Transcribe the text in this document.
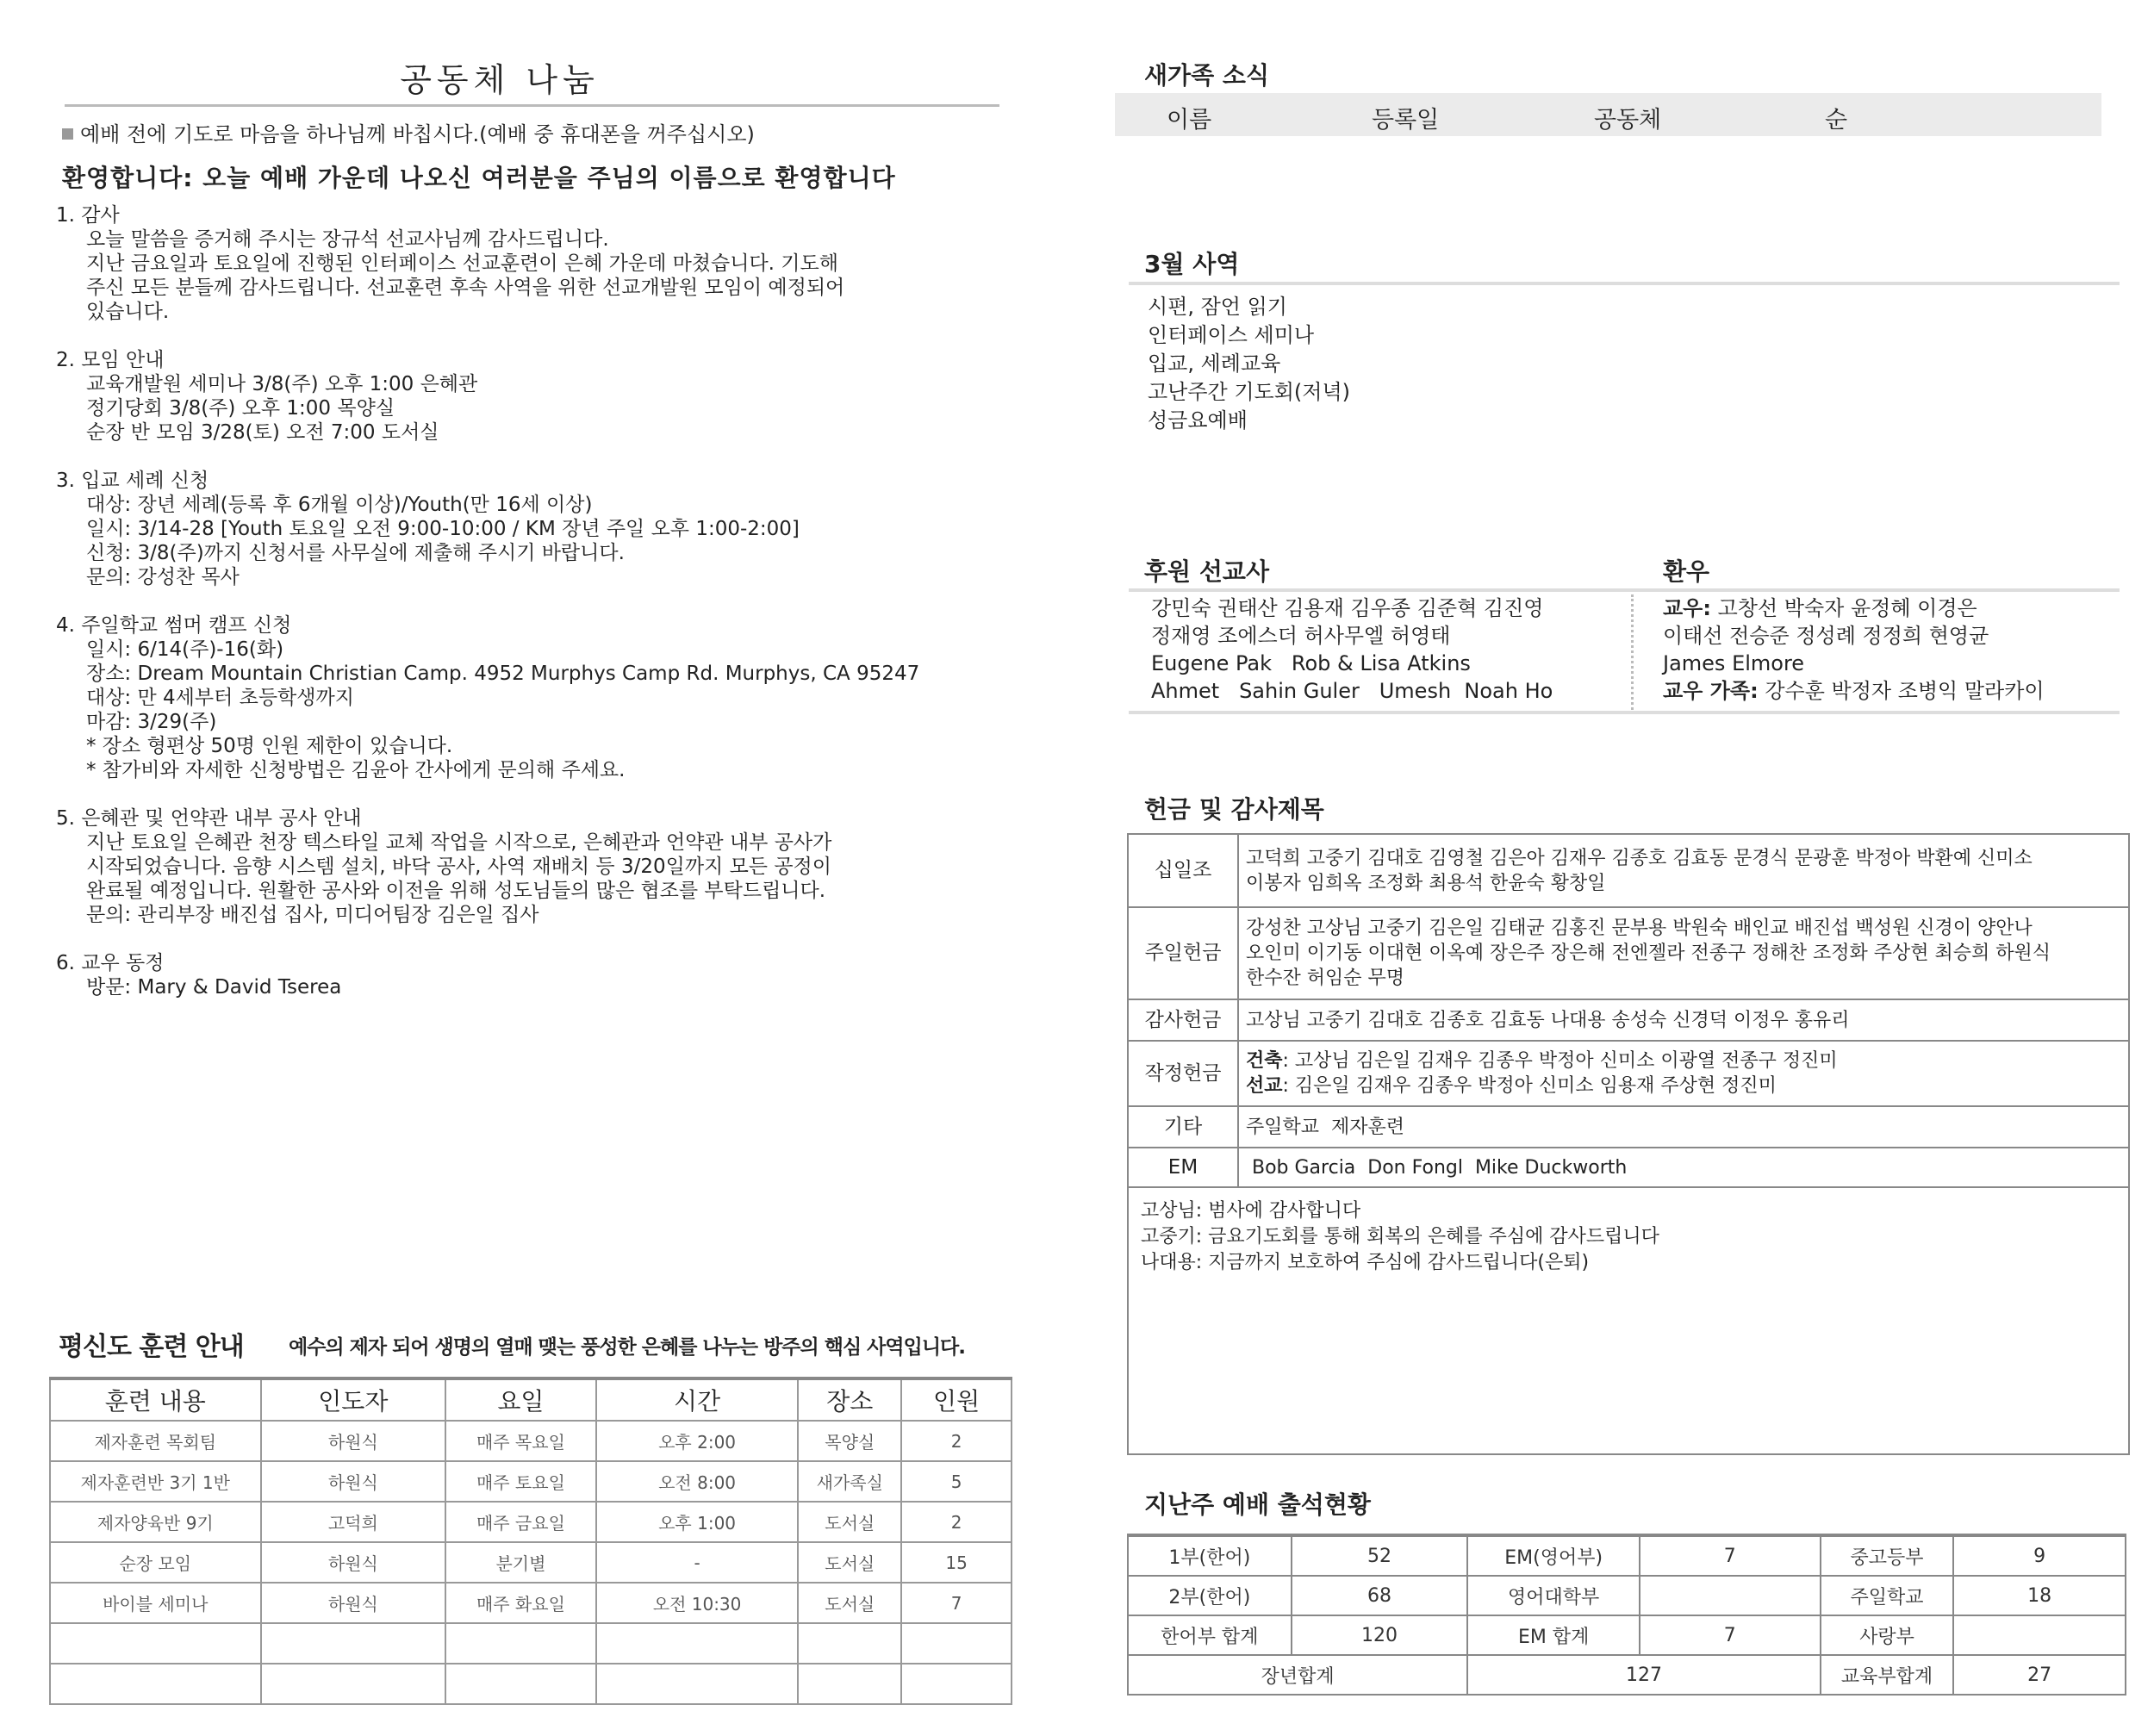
공동체 나눔
예배 전에 기도로 마음을 하나님께 바칩시다.(예배 중 휴대폰을 꺼주십시오)
환영합니다: 오늘 예배 가운데 나오신 여러분을 주님의 이름으로 환영합니다
1. 감사
오늘 말씀을 증거해 주시는 장규석 선교사님께 감사드립니다.
지난 금요일과 토요일에 진행된 인터페이스 선교훈련이 은혜 가운데 마쳤습니다. 기도해
주신 모든 분들께 감사드립니다. 선교훈련 후속 사역을 위한 선교개발원 모임이 예정되어
있습니다.
2. 모임 안내
교육개발원 세미나 3/8(주) 오후 1:00 은혜관
정기당회 3/8(주) 오후 1:00 목양실
순장 반 모임 3/28(토) 오전 7:00 도서실
3. 입교 세례 신청
대상: 장년 세례(등록 후 6개월 이상)/Youth(만 16세 이상)
일시: 3/14-28 [Youth 토요일 오전 9:00-10:00 / KM 장년 주일 오후 1:00-2:00]
신청: 3/8(주)까지 신청서를 사무실에 제출해 주시기 바랍니다.
문의: 강성찬 목사
4. 주일학교 썸머 캠프 신청
일시: 6/14(주)-16(화)
장소: Dream Mountain Christian Camp. 4952 Murphys Camp Rd. Murphys, CA 95247
대상: 만 4세부터 초등학생까지
마감: 3/29(주)
* 장소 형편상 50명 인원 제한이 있습니다.
* 참가비와 자세한 신청방법은 김윤아 간사에게 문의해 주세요.
5. 은혜관 및 언약관 내부 공사 안내
지난 토요일 은혜관 천장 텍스타일 교체 작업을 시작으로, 은혜관과 언약관 내부 공사가
시작되었습니다. 음향 시스템 설치, 바닥 공사, 사역 재배치 등 3/20일까지 모든 공정이
완료될 예정입니다. 원활한 공사와 이전을 위해 성도님들의 많은 협조를 부탁드립니다.
문의: 관리부장 배진섭 집사, 미디어팀장 김은일 집사
6. 교우 동정
방문: Mary & David Tserea
평신도 훈련 안내 예수의 제자 되어 생명의 열매 맺는 풍성한 은혜를 나누는 방주의 핵심 사역입니다.
훈련 내용	인도자	요일	시간	장소	인원
제자훈련 목회팀	하원식	매주 목요일	오후 2:00	목양실	2
제자훈련반 3기 1반	하원식	매주 토요일	오전 8:00	새가족실	5
제자양육반 9기	고덕희	매주 금요일	오후 1:00	도서실	2
순장 모임	하원식	분기별	-	도서실	15
바이블 세미나	하원식	매주 화요일	오전 10:30	도서실	7

새가족 소식
이름	등록일	공동체	순
3월 사역
시편, 잠언 읽기
인터페이스 세미나
입교, 세례교육
고난주간 기도회(저녁)
성금요예배
후원 선교사	환우
강민숙 권태산 김용재 김우종 김준혁 김진영
정재영 조에스더 허사무엘 허영태
Eugene Pak   Rob & Lisa Atkins
Ahmet   Sahin Guler   Umesh  Noah Ho
교우: 고창선 박숙자 윤정혜 이경은
이태선 전승준 정성례 정정희 현영균
James Elmore
교우 가족: 강수훈 박정자 조병익 말라카이
헌금 및 감사제목
십일조	고덕희 고중기 김대호 김영철 김은아 김재우 김종호 김효동 문경식 문광훈 박정아 박환예 신미소
이봉자 임희옥 조정화 최용석 한윤숙 황창일

주일헌금	강성찬 고상님 고중기 김은일 김태균 김홍진 문부용 박원숙 배인교 배진섭 백성원 신경이 양안나
오인미 이기동 이대현 이옥예 장은주 장은해 전엔젤라 전종구 정해찬 조정화 주상현 최승희 하원식
한수잔 허임순 무명

감사헌금	고상님 고중기 김대호 김종호 김효동 나대용 송성숙 신경덕 이정우 홍유리

작정헌금	건축: 고상님 김은일 김재우 김종우 박정아 신미소 이광열 전종구 정진미
선교: 김은일 김재우 김종우 박정아 신미소 임용재 주상현 정진미

기타	주일학교  제자훈련

EM	Bob Garcia  Don Fongl  Mike Duckworth
고상님: 범사에 감사합니다
고중기: 금요기도회를 통해 회복의 은혜를 주심에 감사드립니다
나대용: 지금까지 보호하여 주심에 감사드립니다(은퇴)
지난주 예배 출석현황
1부(한어)	52	EM(영어부)	7	중고등부	9
2부(한어)	68	영어대학부		주일학교	18
한어부 합계	120	EM 합계	7	사랑부	
장년합계		127		교육부합계	27
